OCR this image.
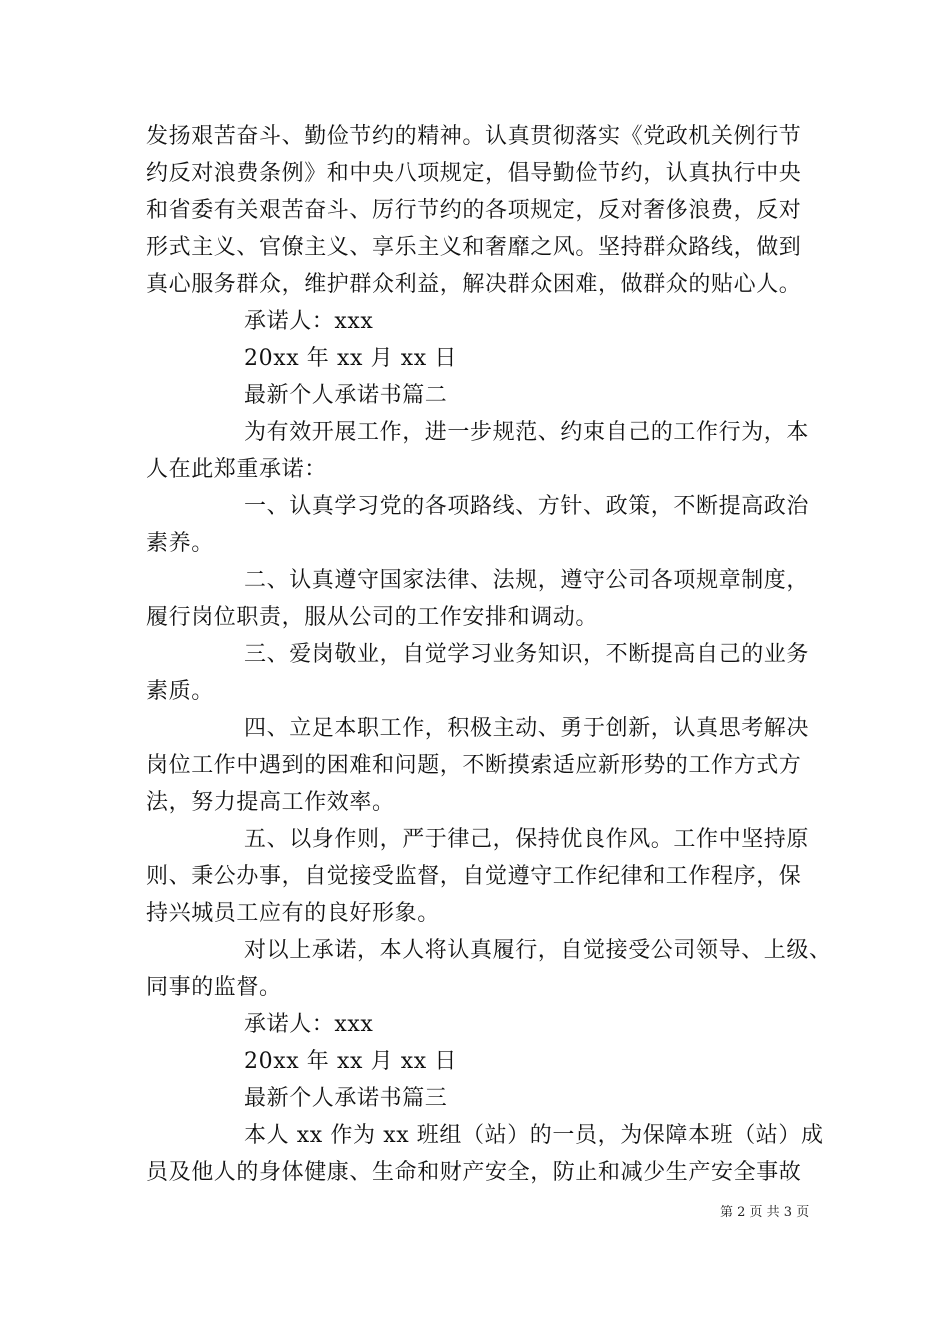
发扬艰苦奋斗、勤俭节约的精神。认真贯彻落实《党政机关例行节
约反对浪费条例》和中央八项规定，倡导勤俭节约，认真执行中央
和省委有关艰苦奋斗、厉行节约的各项规定，反对奢侈浪费，反对
形式主义、官僚主义、享乐主义和奢靡之风。坚持群众路线，做到
真心服务群众，维护群众利益，解决群众困难，做群众的贴心人。
承诺人：xxx
20xx 年 xx 月 xx 日
最新个人承诺书篇二
为有效开展工作，进一步规范、约束自己的工作行为，本
人在此郑重承诺：
一、认真学习党的各项路线、方针、政策，不断提高政治
素养。
二、认真遵守国家法律、法规，遵守公司各项规章制度，
履行岗位职责，服从公司的工作安排和调动。
三、爱岗敬业，自觉学习业务知识，不断提高自己的业务
素质。
四、立足本职工作，积极主动、勇于创新，认真思考解决
岗位工作中遇到的困难和问题，不断摸索适应新形势的工作方式方
法，努力提高工作效率。
五、以身作则，严于律己，保持优良作风。工作中坚持原
则、秉公办事，自觉接受监督，自觉遵守工作纪律和工作程序，保
持兴城员工应有的良好形象。
对以上承诺，本人将认真履行，自觉接受公司领导、上级、
同事的监督。
承诺人：xxx
20xx 年 xx 月 xx 日
最新个人承诺书篇三
本人 xx 作为 xx 班组（站）的一员，为保障本班（站）成
员及他人的身体健康、生命和财产安全，防止和减少生产安全事故
第 2 页 共 3 页
